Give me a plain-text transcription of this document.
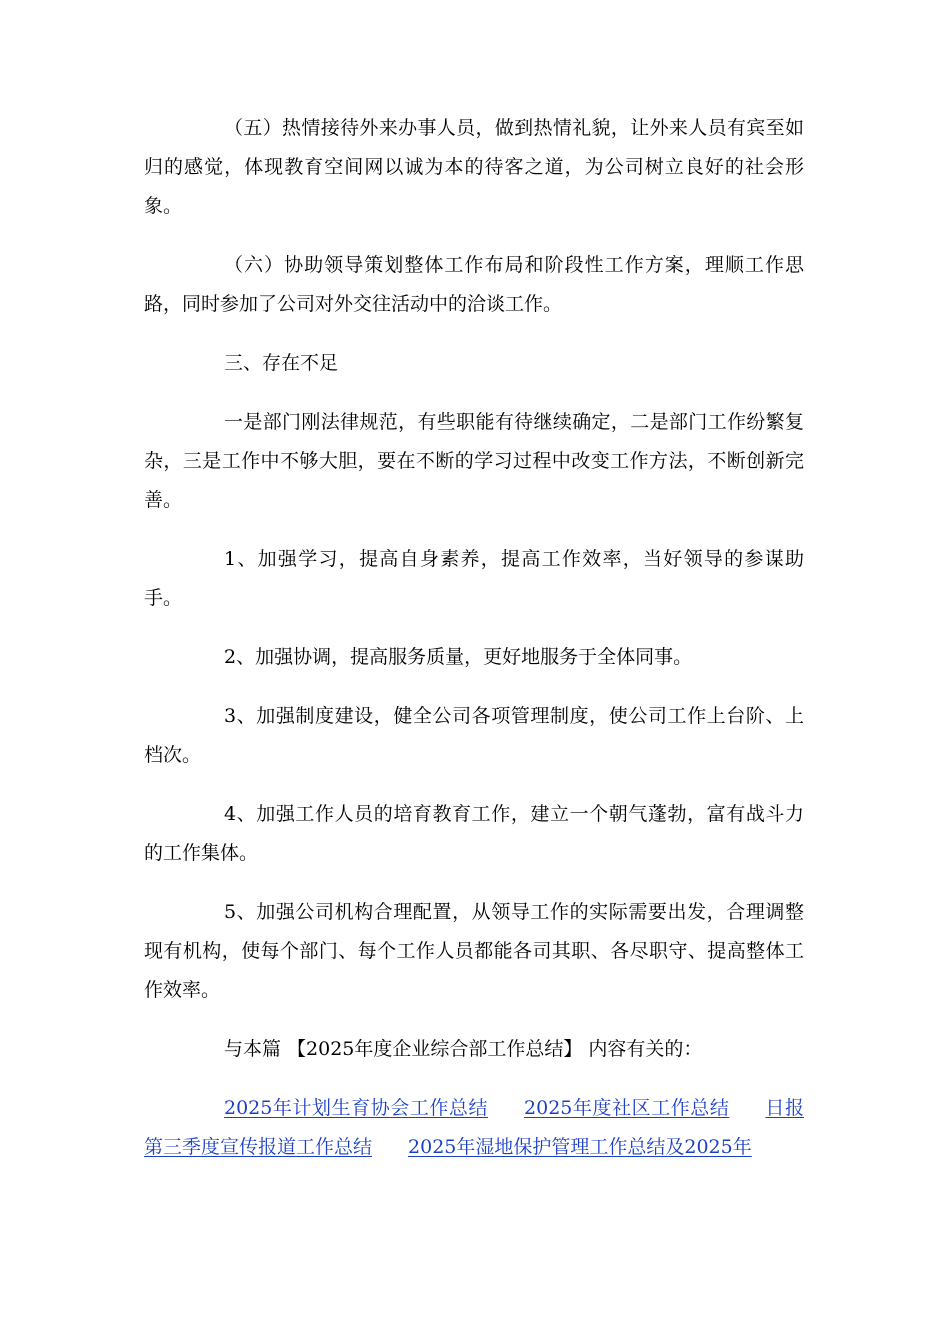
（五）热情接待外来办事人员，做到热情礼貌，让外来人员有宾至如归的感觉，体现教育空间网以诚为本的待客之道，为公司树立良好的社会形象。

（六）协助领导策划整体工作布局和阶段性工作方案，理顺工作思路，同时参加了公司对外交往活动中的洽谈工作。

三、存在不足

一是部门刚法律规范，有些职能有待继续确定，二是部门工作纷繁复杂，三是工作中不够大胆，要在不断的学习过程中改变工作方法，不断创新完善。

1、加强学习，提高自身素养，提高工作效率，当好领导的参谋助手。

2、加强协调，提高服务质量，更好地服务于全体同事。

3、加强制度建设，健全公司各项管理制度，使公司工作上台阶、上档次。

4、加强工作人员的培育教育工作，建立一个朝气蓬勃，富有战斗力的工作集体。

5、加强公司机构合理配置，从领导工作的实际需要出发，合理调整现有机构，使每个部门、每个工作人员都能各司其职、各尽职守、提高整体工作效率。

与本篇 【2025年度企业综合部工作总结】 内容有关的：

2025年计划生育协会工作总结 2025年度社区工作总结 日报第三季度宣传报道工作总结 2025年湿地保护管理工作总结及2025年
